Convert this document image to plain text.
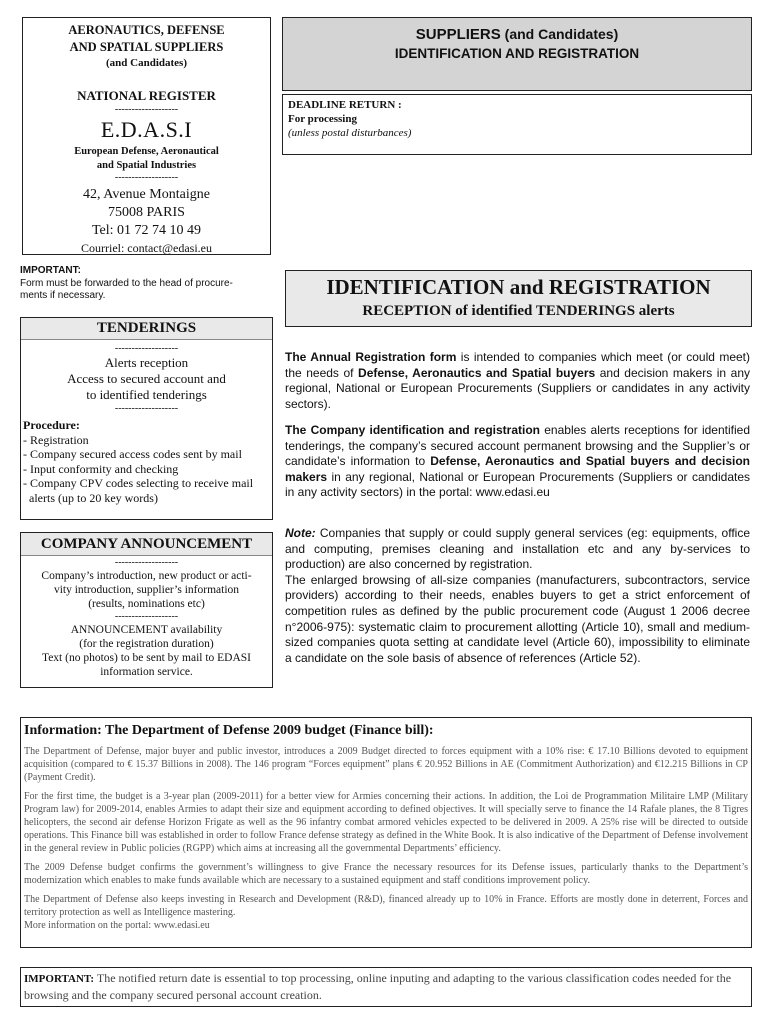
AERONAUTICS, DEFENSE
AND SPATIAL SUPPLIERS
(and Candidates)
NATIONAL REGISTER
-------------------
E.D.A.S.I
European Defense, Aeronautical
and Spatial Industries
-------------------
42, Avenue Montaigne
75008 PARIS
Tel: 01 72 74 10 49
Courriel: contact@edasi.eu
SUPPLIERS (and Candidates)
IDENTIFICATION AND REGISTRATION
DEADLINE RETURN :
For processing
(unless postal disturbances)
IMPORTANT:
Form must be forwarded to the head of procure-
ments if necessary.	IDENTIFICATION and REGISTRATION
RECEPTION of identified TENDERINGS alerts
TENDERINGS
-------------------
Alerts reception
Access to secured account and
to identified tenderings
-------------------
Procedure:
- Registration
- Company secured access codes sent by mail
- Input conformity and checking
- Company CPV codes selecting to receive mail
alerts (up to 20 key words)
COMPANY ANNOUNCEMENT
-------------------
Company’s introduction, new product or acti-
vity introduction, supplier’s information
(results, nominations etc)
-------------------
ANNOUNCEMENT availability
(for the registration duration)
Text (no photos) to be sent by mail to EDASI
information service.
The Annual Registration form is intended to companies which meet (or could meet) the needs of Defense, Aeronautics and Spatial buyers and decision makers in any regional, National or European Procurements (Suppliers or candidates in any activity sectors).
The Company identification and registration enables alerts receptions for identified tenderings, the company’s secured account permanent browsing and the Supplier’s or candidate’s information to Defense, Aeronautics and Spatial buyers and decision makers in any regional, National or European Procurements (Suppliers or candidates in any activity sectors) in the portal: www.edasi.eu
Note: Companies that supply or could supply general services (eg: equipments, office and computing, premises cleaning and installation etc and any by-services to production) are also concerned by registration.
The enlarged browsing of all-size companies (manufacturers, subcontractors, service providers) according to their needs, enables buyers to get a strict enforcement of competition rules as defined by the public procurement code (August 1 2006 decree n°2006-975): systematic claim to procurement allotting (Article 10), small and medium-sized companies quota setting at candidate level (Article 60), impossibility to eliminate a candidate on the sole basis of absence of references (Article 52).
Information: The Department of Defense 2009 budget (Finance bill):
The Department of Defense, major buyer and public investor, introduces a 2009 Budget directed to forces equipment with a 10% rise: € 17.10 Billions devoted to equipment acquisition (compared to € 15.37 Billions in 2008). The 146 program “Forces equipment” plans € 20.952 Billions in AE (Commitment Authorization) and €12.215 Billions in CP (Payment Credit).
For the first time, the budget is a 3-year plan (2009-2011) for a better view for Armies concerning their actions. In addition, the Loi de Programmation Militaire LMP (Military Program law) for 2009-2014, enables Armies to adapt their size and equipment according to defined objectives. It will specially serve to finance the 14 Rafale planes, the 8 Tigres helicopters, the second air defense Horizon Frigate as well as the 96 infantry combat armored vehicles expected to be delivered in 2009. A 25% rise will be directed to outside operations. This Finance bill was established in order to follow France defense strategy as defined in the White Book. It is also indicative of the Department of Defense involvement in the general review in Public policies (RGPP) which aims at increasing all the governmental Departments’ efficiency.
The 2009 Defense budget confirms the government’s willingness to give France the necessary resources for its Defense issues, particularly thanks to the Department’s modernization which enables to make funds available which are necessary to a sustained equipment and staff conditions improvement policy.
The Department of Defense also keeps investing in Research and Development (R&D), financed already up to 10% in France. Efforts are mostly done in deterrent, Forces and territory protection as well as Intelligence mastering.
More information on the portal: www.edasi.eu
IMPORTANT: The notified return date is essential to top processing, online inputing and adapting to the various classification codes needed for the browsing and the company secured personal account creation.
